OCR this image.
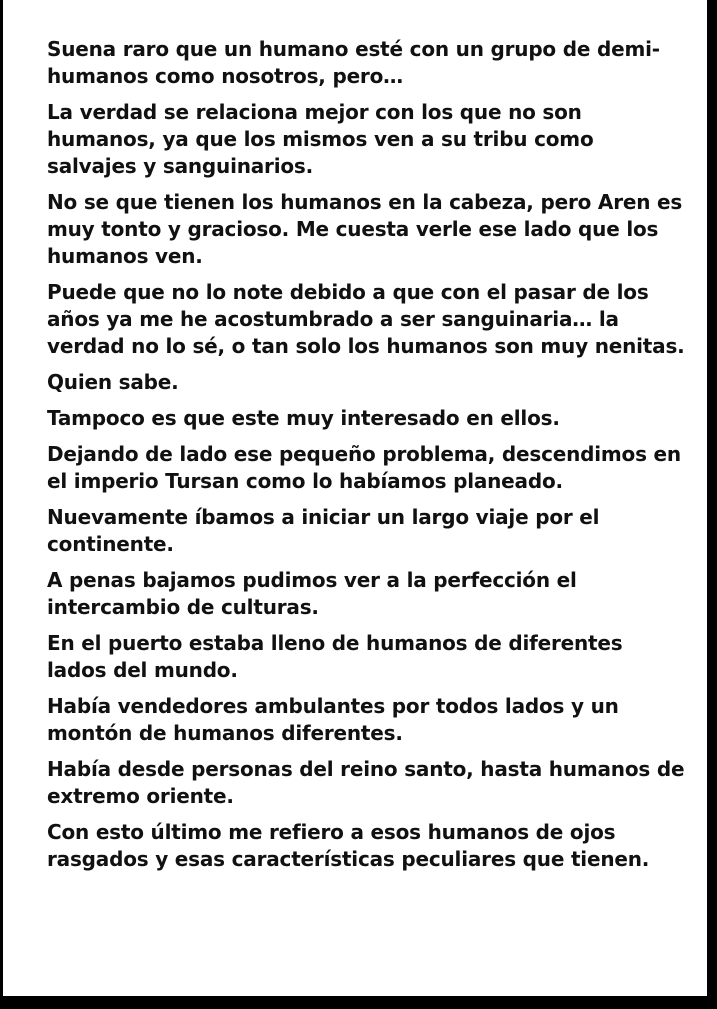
Suena raro que un humano esté con un grupo de demi-humanos como nosotros, pero…

La verdad se relaciona mejor con los que no son humanos, ya que los mismos ven a su tribu como salvajes y sanguinarios.

No se que tienen los humanos en la cabeza, pero Aren es muy tonto y gracioso. Me cuesta verle ese lado que los humanos ven.

Puede que no lo note debido a que con el pasar de los años ya me he acostumbrado a ser sanguinaria… la verdad no lo sé, o tan solo los humanos son muy nenitas.

Quien sabe.

Tampoco es que este muy interesado en ellos.

Dejando de lado ese pequeño problema, descendimos en el imperio Tursan como lo habíamos planeado.

Nuevamente íbamos a iniciar un largo viaje por el continente.

A penas bajamos pudimos ver a la perfección el intercambio de culturas.

En el puerto estaba lleno de humanos de diferentes lados del mundo.

Había vendedores ambulantes por todos lados y un montón de humanos diferentes.

Había desde personas del reino santo, hasta humanos de extremo oriente.

Con esto último me refiero a esos humanos de ojos rasgados y esas características peculiares que tienen.
